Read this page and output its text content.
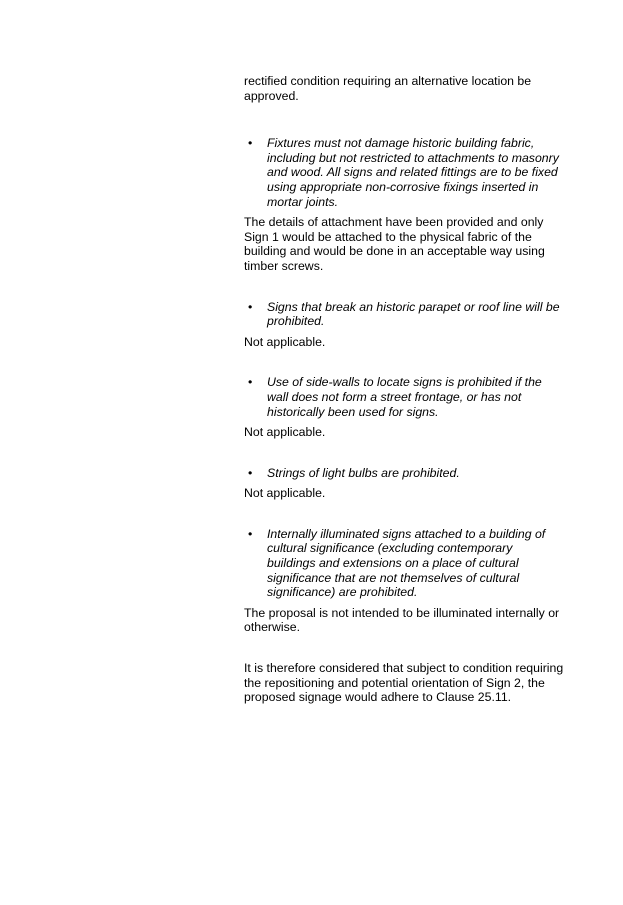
rectified condition requiring an alternative location be approved.

• Fixtures must not damage historic building fabric, including but not restricted to attachments to masonry and wood. All signs and related fittings are to be fixed using appropriate non-corrosive fixings inserted in mortar joints.

The details of attachment have been provided and only Sign 1 would be attached to the physical fabric of the building and would be done in an acceptable way using timber screws.

• Signs that break an historic parapet or roof line will be prohibited.

Not applicable.

• Use of side-walls to locate signs is prohibited if the wall does not form a street frontage, or has not historically been used for signs.

Not applicable.

• Strings of light bulbs are prohibited.

Not applicable.

• Internally illuminated signs attached to a building of cultural significance (excluding contemporary buildings and extensions on a place of cultural significance that are not themselves of cultural significance) are prohibited.

The proposal is not intended to be illuminated internally or otherwise.

It is therefore considered that subject to condition requiring the repositioning and potential orientation of Sign 2, the proposed signage would adhere to Clause 25.11.
